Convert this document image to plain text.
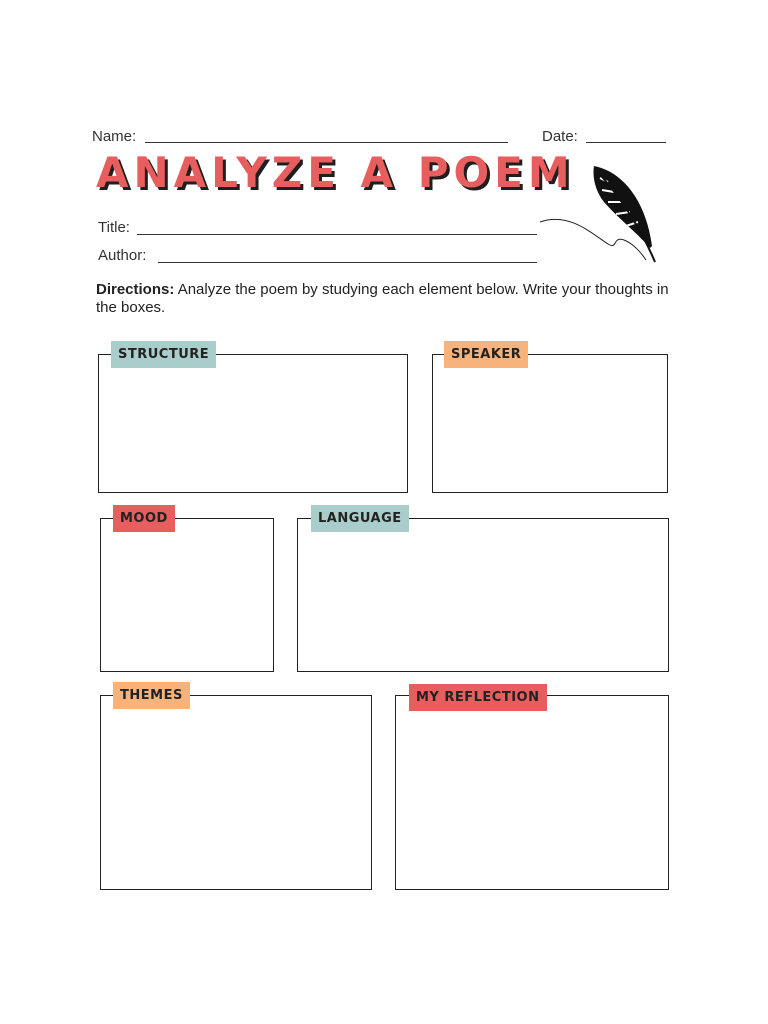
Name:	Date:
ANALYZE A POEM
Title:
Author:
Directions: Analyze the poem by studying each element below. Write your thoughts in the boxes.
STRUCTURE	SPEAKER
MOOD	LANGUAGE
THEMES	MY REFLECTION
